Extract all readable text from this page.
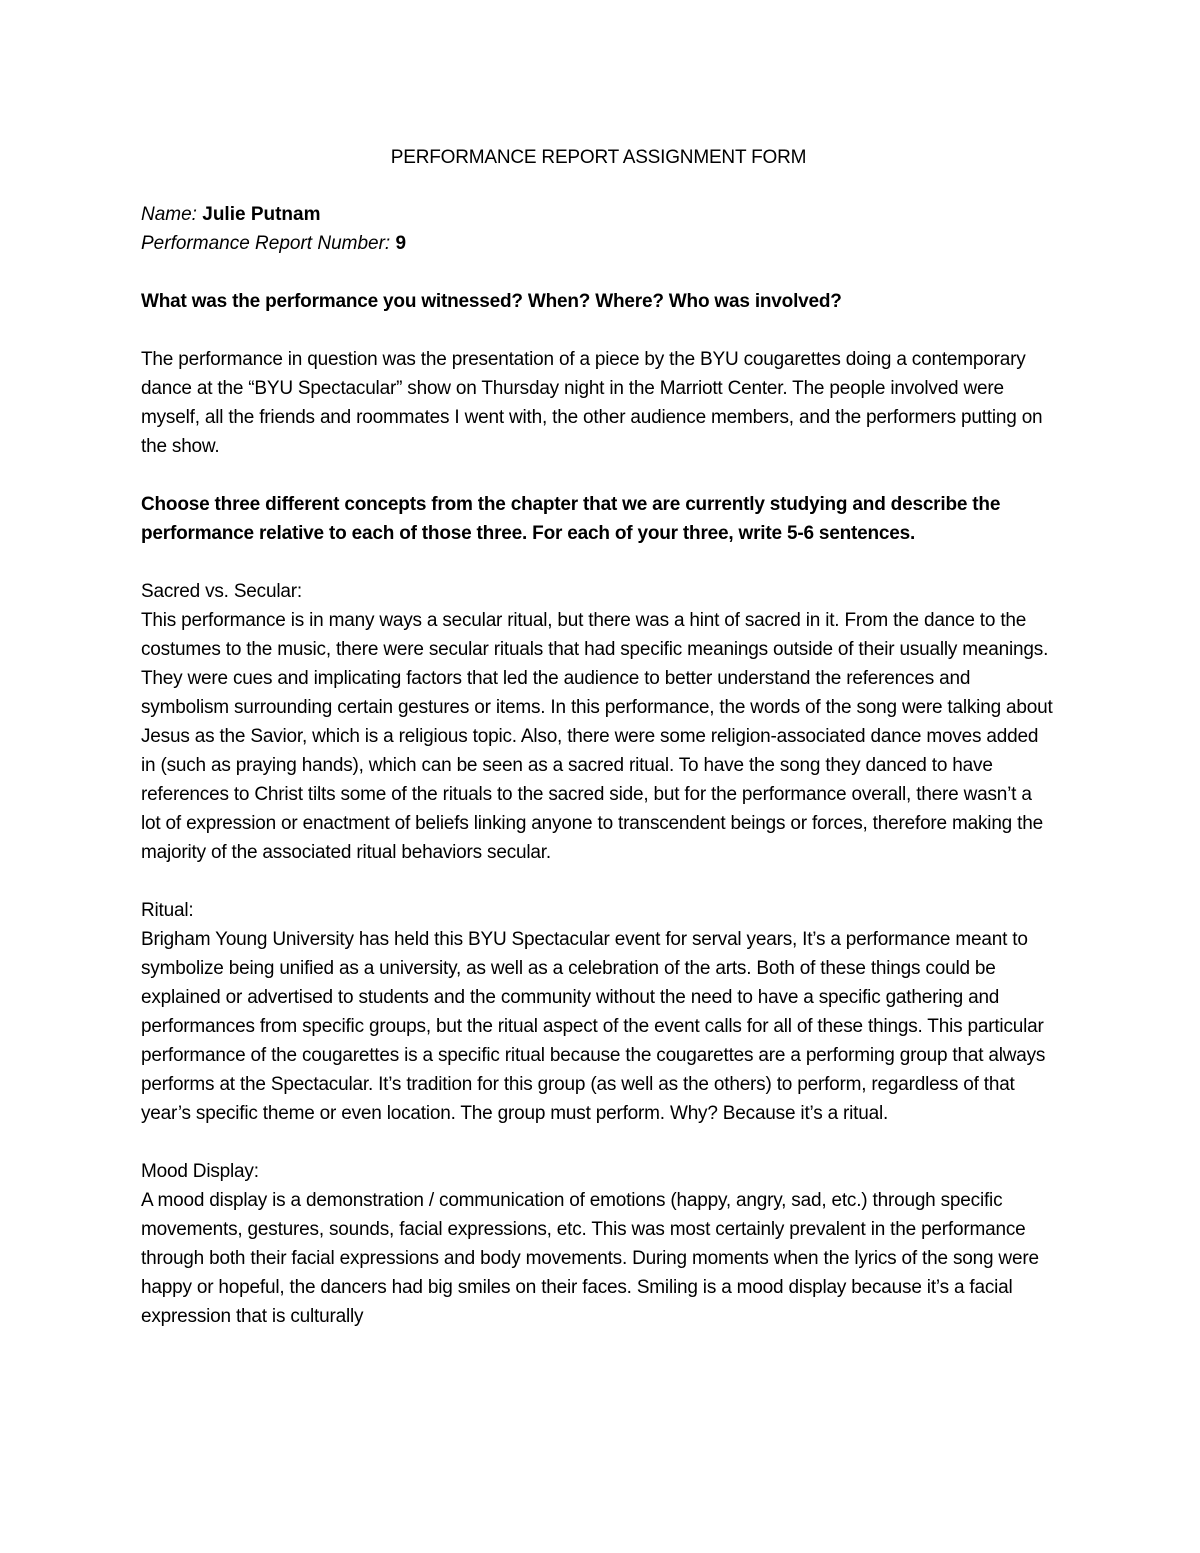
PERFORMANCE REPORT ASSIGNMENT FORM

Name: Julie Putnam

Performance Report Number: 9

What was the performance you witnessed? When? Where? Who was involved?

The performance in question was the presentation of a piece by the BYU cougarettes doing a contemporary dance at the “BYU Spectacular” show on Thursday night in the Marriott Center. The people involved were myself, all the friends and roommates I went with, the other audience members, and the performers putting on the show.

Choose three different concepts from the chapter that we are currently studying and describe the performance relative to each of those three. For each of your three, write 5-6 sentences.

Sacred vs. Secular:

This performance is in many ways a secular ritual, but there was a hint of sacred in it. From the dance to the costumes to the music, there were secular rituals that had specific meanings outside of their usually meanings. They were cues and implicating factors that led the audience to better understand the references and symbolism surrounding certain gestures or items. In this performance, the words of the song were talking about Jesus as the Savior, which is a religious topic. Also, there were some religion-associated dance moves added in (such as praying hands), which can be seen as a sacred ritual. To have the song they danced to have references to Christ tilts some of the rituals to the sacred side, but for the performance overall, there wasn’t a lot of expression or enactment of beliefs linking anyone to transcendent beings or forces, therefore making the majority of the associated ritual behaviors secular.

Ritual:

Brigham Young University has held this BYU Spectacular event for serval years, It’s a performance meant to symbolize being unified as a university, as well as a celebration of the arts. Both of these things could be explained or advertised to students and the community without the need to have a specific gathering and performances from specific groups, but the ritual aspect of the event calls for all of these things. This particular performance of the cougarettes is a specific ritual because the cougarettes are a performing group that always performs at the Spectacular. It’s tradition for this group (as well as the others) to perform, regardless of that year’s specific theme or even location. The group must perform. Why? Because it’s a ritual.

Mood Display:

A mood display is a demonstration / communication of emotions (happy, angry, sad, etc.) through specific movements, gestures, sounds, facial expressions, etc. This was most certainly prevalent in the performance through both their facial expressions and body movements. During moments when the lyrics of the song were happy or hopeful, the dancers had big smiles on their faces. Smiling is a mood display because it’s a facial expression that is culturally
